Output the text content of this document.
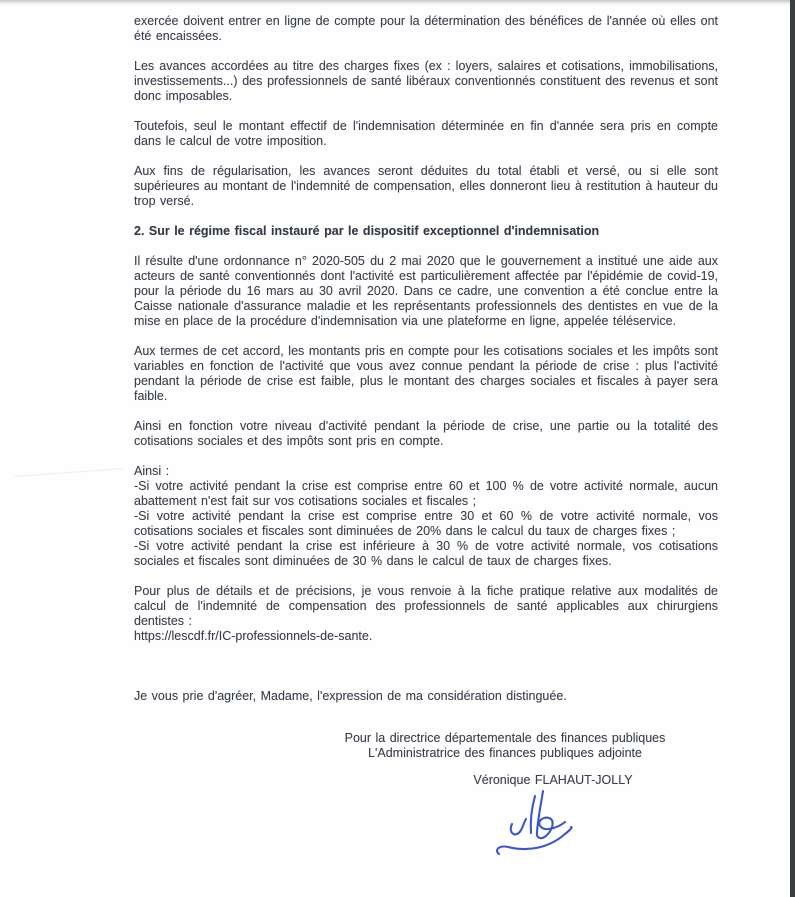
exercée doivent entrer en ligne de compte pour la détermination des bénéfices de l'année où elles ont été encaissées.

Les avances accordées au titre des charges fixes (ex : loyers, salaires et cotisations, immobilisations, investissements...) des professionnels de santé libéraux conventionnés constituent des revenus et sont donc imposables.

Toutefois, seul le montant effectif de l'indemnisation déterminée en fin d'année sera pris en compte dans le calcul de votre imposition.

Aux fins de régularisation, les avances seront déduites du total établi et versé, ou si elle sont supérieures au montant de l'indemnité de compensation, elles donneront lieu à restitution à hauteur du trop versé.

2. Sur le régime fiscal instauré par le dispositif exceptionnel d'indemnisation

Il résulte d'une ordonnance n° 2020-505 du 2 mai 2020 que le gouvernement a institué une aide aux acteurs de santé conventionnés dont l'activité est particulièrement affectée par l'épidémie de covid-19, pour la période du 16 mars au 30 avril 2020. Dans ce cadre, une convention a été conclue entre la Caisse nationale d'assurance maladie et les représentants professionnels des dentistes en vue de la mise en place de la procédure d'indemnisation via une plateforme en ligne, appelée téléservice.

Aux termes de cet accord, les montants pris en compte pour les cotisations sociales et les impôts sont variables en fonction de l'activité que vous avez connue pendant la période de crise : plus l'activité pendant la période de crise est faible, plus le montant des charges sociales et fiscales à payer sera faible.

Ainsi en fonction votre niveau d'activité pendant la période de crise, une partie ou la totalité des cotisations sociales et des impôts sont pris en compte.

Ainsi :

-Si votre activité pendant la crise est comprise entre 60 et 100 % de votre activité normale, aucun abattement n'est fait sur vos cotisations sociales et fiscales ;

-Si votre activité pendant la crise est comprise entre 30 et 60 % de votre activité normale, vos cotisations sociales et fiscales sont diminuées de 20% dans le calcul du taux de charges fixes ;

-Si votre activité pendant la crise est inférieure à 30 % de votre activité normale, vos cotisations sociales et fiscales sont diminuées de 30 % dans le calcul de taux de charges fixes.

Pour plus de détails et de précisions, je vous renvoie à la fiche pratique relative aux modalités de calcul de l'indemnité de compensation des professionnels de santé applicables aux chirurgiens dentistes :

https://lescdf.fr/IC-professionnels-de-sante.

Je vous prie d'agréer, Madame, l'expression de ma considération distinguée.

Pour la directrice départementale des finances publiques

L'Administratrice des finances publiques adjointe

Véronique FLAHAUT-JOLLY
